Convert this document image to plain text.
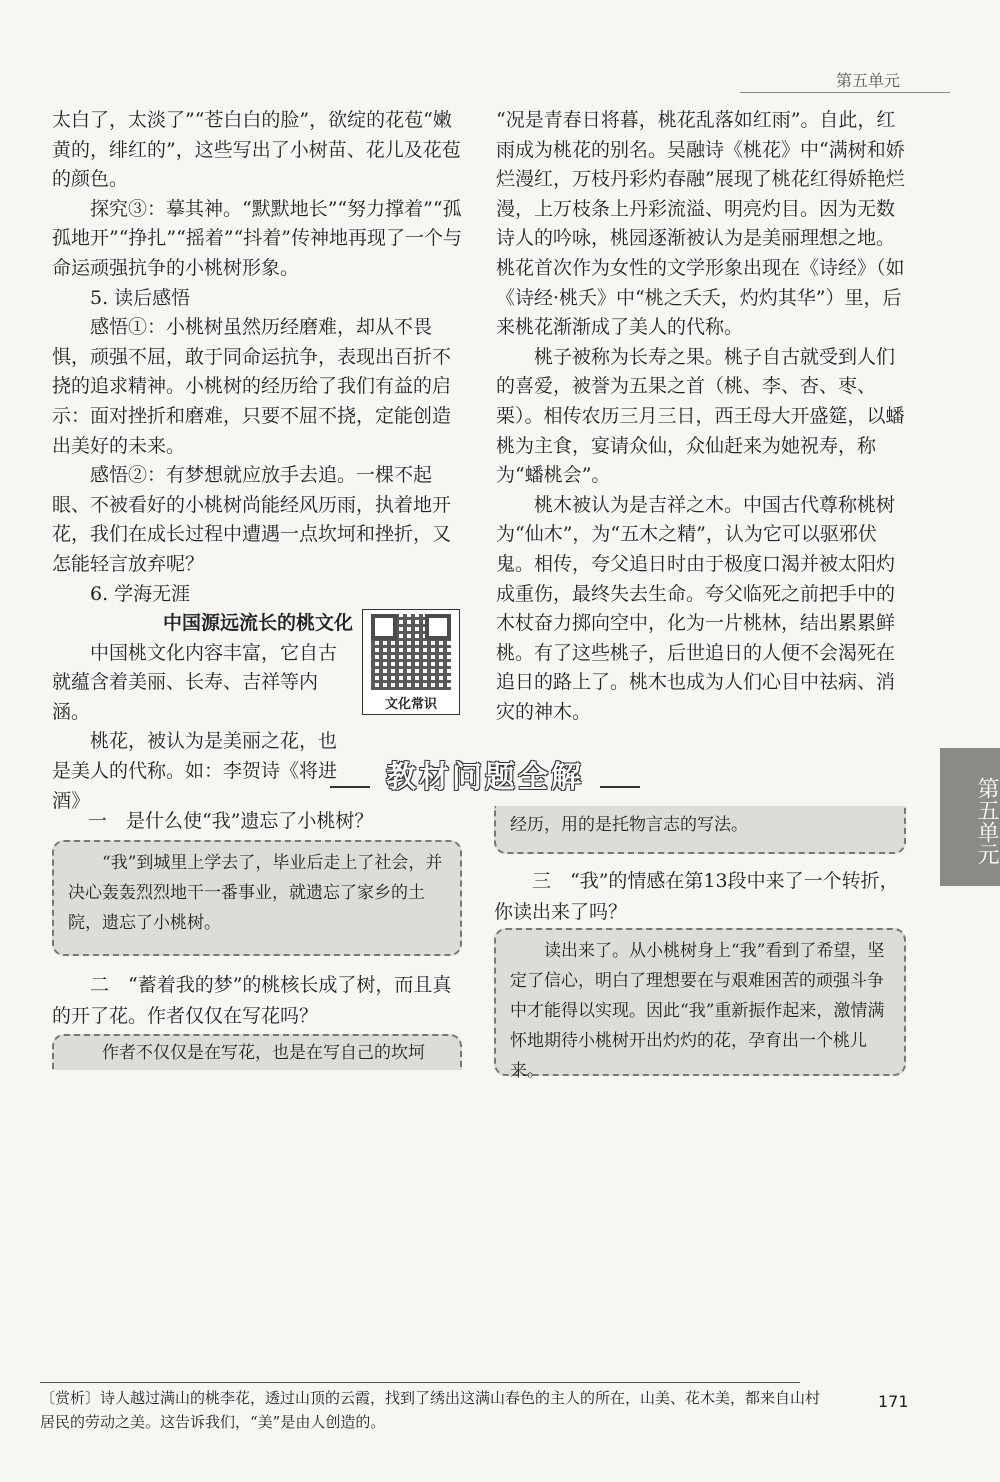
第五单元

太白了，太淡了”“苍白白的脸”，欲绽的花苞“嫩黄的，绯红的”，这些写出了小树苗、花儿及花苞的颜色。

探究③：摹其神。“默默地长”“努力撑着”“孤孤地开”“挣扎”“摇着”“抖着”传神地再现了一个与命运顽强抗争的小桃树形象。

5. 读后感悟

感悟①：小桃树虽然历经磨难，却从不畏惧，顽强不屈，敢于同命运抗争，表现出百折不挠的追求精神。小桃树的经历给了我们有益的启示：面对挫折和磨难，只要不屈不挠，定能创造出美好的未来。

感悟②：有梦想就应放手去追。一棵不起眼、不被看好的小桃树尚能经风历雨，执着地开花，我们在成长过程中遭遇一点坎坷和挫折，又怎能轻言放弃呢？

6. 学海无涯

中国源远流长的桃文化

中国桃文化内容丰富，它自古就蕴含着美丽、长寿、吉祥等内涵。

桃花，被认为是美丽之花，也是美人的代称。如：李贺诗《将进酒》

文化常识

“况是青春日将暮，桃花乱落如红雨”。自此，红雨成为桃花的别名。吴融诗《桃花》中“满树和娇烂漫红，万枝丹彩灼春融”展现了桃花红得娇艳烂漫，上万枝条上丹彩流溢、明亮灼目。因为无数诗人的吟咏，桃园逐渐被认为是美丽理想之地。桃花首次作为女性的文学形象出现在《诗经》（如《诗经·桃夭》中“桃之夭夭，灼灼其华”）里，后来桃花渐渐成了美人的代称。

桃子被称为长寿之果。桃子自古就受到人们的喜爱，被誉为五果之首（桃、李、杏、枣、栗）。相传农历三月三日，西王母大开盛筵，以蟠桃为主食，宴请众仙，众仙赶来为她祝寿，称为“蟠桃会”。

桃木被认为是吉祥之木。中国古代尊称桃树为“仙木”，为“五木之精”，认为它可以驱邪伏鬼。相传，夸父追日时由于极度口渴并被太阳灼成重伤，最终失去生命。夸父临死之前把手中的木杖奋力掷向空中，化为一片桃林，结出累累鲜桃。有了这些桃子，后世追日的人便不会渴死在追日的路上了。桃木也成为人们心目中祛病、消灾的神木。

教材问题全解	第五单元
一　是什么使“我”遗忘了小桃树？
“我”到城里上学去了，毕业后走上了社会，并决心轰轰烈烈地干一番事业，就遗忘了家乡的土院，遗忘了小桃树。
二　“蓄着我的梦”的桃核长成了树，而且真的开了花。作者仅仅在写花吗？
作者不仅仅是在写花，也是在写自己的坎坷
经历，用的是托物言志的写法。
三　“我”的情感在第13段中来了一个转折，你读出来了吗？
读出来了。从小桃树身上“我”看到了希望，坚定了信心，明白了理想要在与艰难困苦的顽强斗争中才能得以实现。因此“我”重新振作起来，激情满怀地期待小桃树开出灼灼的花，孕育出一个桃儿来。
〔赏析〕诗人越过满山的桃李花，透过山顶的云霞，找到了绣出这满山春色的主人的所在，山美、花木美，都来自山村居民的劳动之美。这告诉我们，“美”是由人创造的。
171
